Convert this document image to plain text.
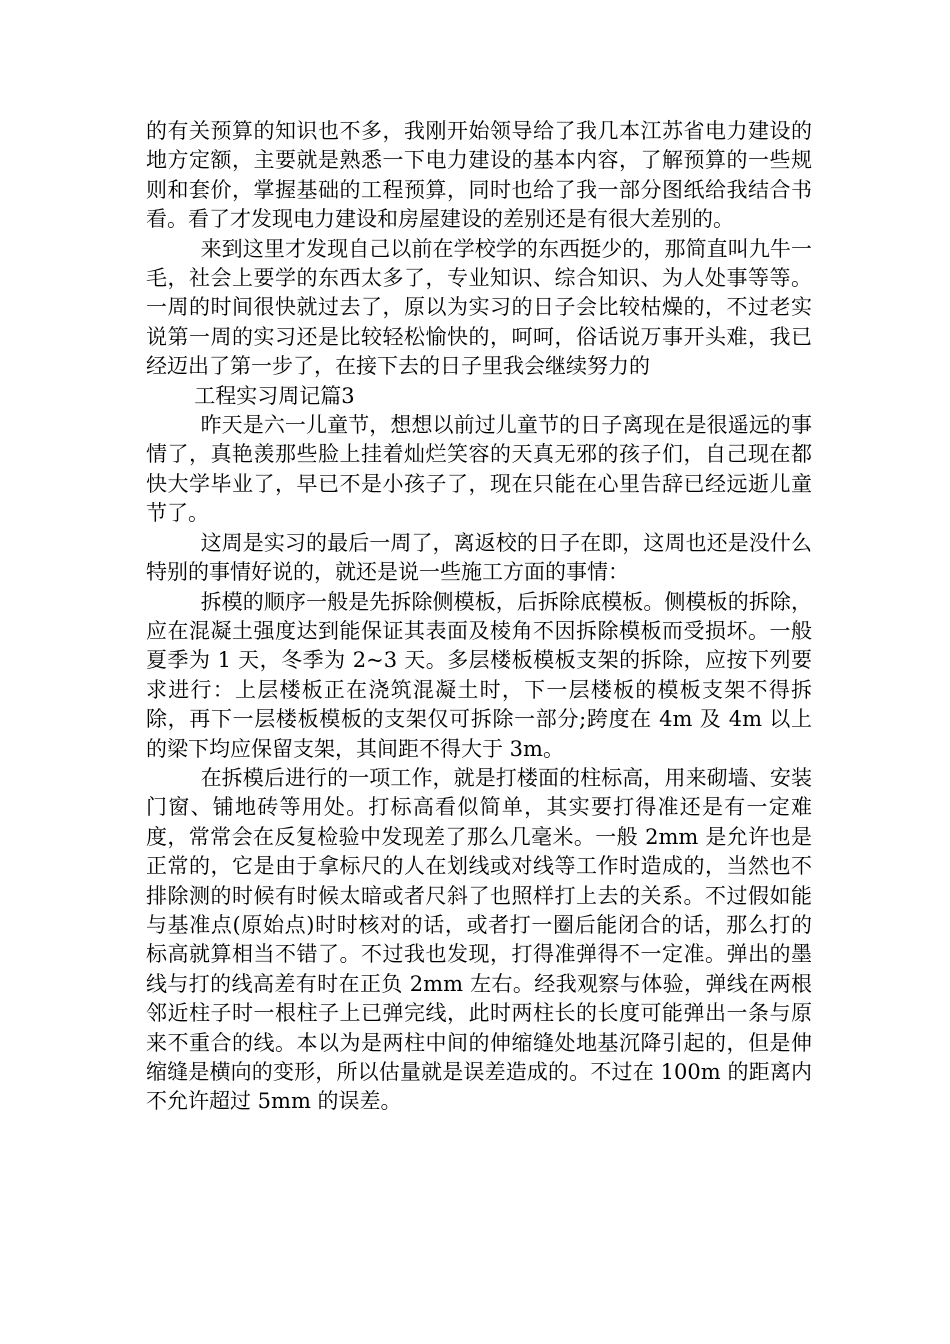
的有关预算的知识也不多，我刚开始领导给了我几本江苏省电力建设的地方定额，主要就是熟悉一下电力建设的基本内容，了解预算的一些规则和套价，掌握基础的工程预算，同时也给了我一部分图纸给我结合书看。看了才发现电力建设和房屋建设的差别还是有很大差别的。

来到这里才发现自己以前在学校学的东西挺少的，那简直叫九牛一毛，社会上要学的东西太多了，专业知识、综合知识、为人处事等等。一周的时间很快就过去了，原以为实习的日子会比较枯燥的，不过老实说第一周的实习还是比较轻松愉快的，呵呵，俗话说万事开头难，我已经迈出了第一步了，在接下去的日子里我会继续努力的

工程实习周记篇3

昨天是六一儿童节，想想以前过儿童节的日子离现在是很遥远的事情了，真艳羡那些脸上挂着灿烂笑容的天真无邪的孩子们，自己现在都快大学毕业了，早已不是小孩子了，现在只能在心里告辞已经远逝儿童节了。

这周是实习的最后一周了，离返校的日子在即，这周也还是没什么特别的事情好说的，就还是说一些施工方面的事情：

拆模的顺序一般是先拆除侧模板，后拆除底模板。侧模板的拆除，应在混凝土强度达到能保证其表面及棱角不因拆除模板而受损坏。一般夏季为 1 天，冬季为 2~3 天。多层楼板模板支架的拆除，应按下列要求进行：上层楼板正在浇筑混凝土时，下一层楼板的模板支架不得拆除，再下一层楼板模板的支架仅可拆除一部分;跨度在 4m 及 4m 以上的梁下均应保留支架，其间距不得大于 3m。

在拆模后进行的一项工作，就是打楼面的柱标高，用来砌墙、安装门窗、铺地砖等用处。打标高看似简单，其实要打得准还是有一定难度，常常会在反复检验中发现差了那么几毫米。一般 2mm 是允许也是正常的，它是由于拿标尺的人在划线或对线等工作时造成的，当然也不排除测的时候有时候太暗或者尺斜了也照样打上去的关系。不过假如能与基准点(原始点)时时核对的话，或者打一圈后能闭合的话，那么打的标高就算相当不错了。不过我也发现，打得准弹得不一定准。弹出的墨线与打的线高差有时在正负 2mm 左右。经我观察与体验，弹线在两根邻近柱子时一根柱子上已弹完线，此时两柱长的长度可能弹出一条与原来不重合的线。本以为是两柱中间的伸缩缝处地基沉降引起的，但是伸缩缝是横向的变形，所以估量就是误差造成的。不过在 100m 的距离内不允许超过 5mm 的误差。
